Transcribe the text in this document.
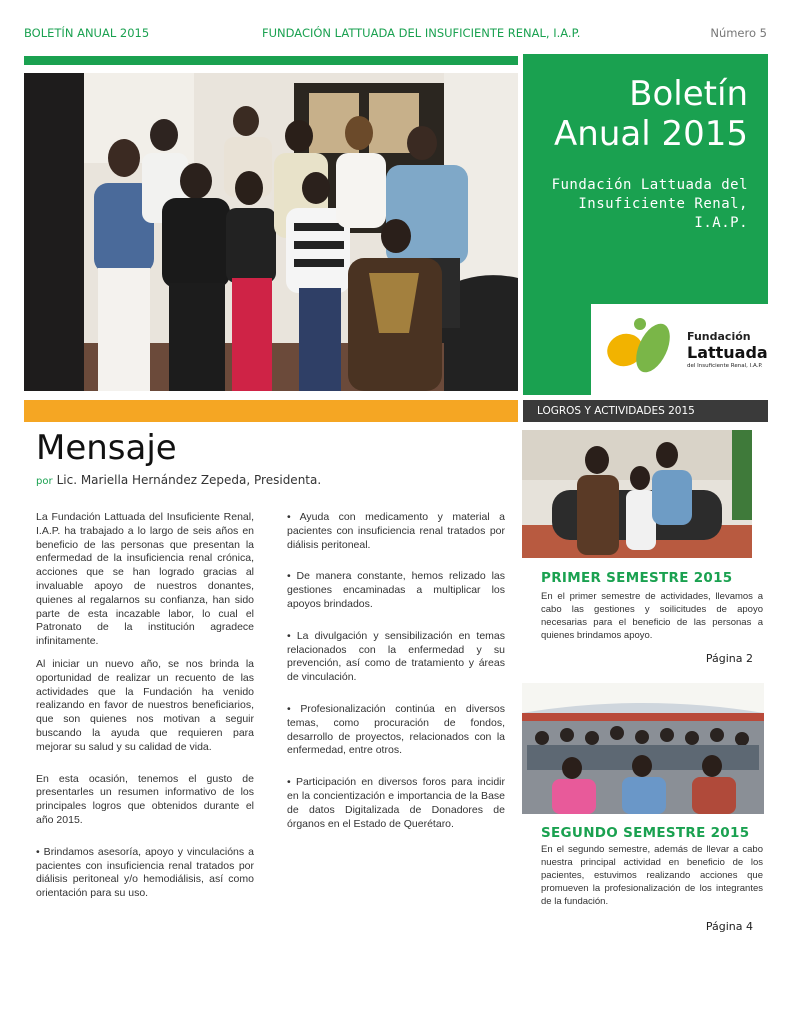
BOLETÍN ANUAL 2015	FUNDACIÓN LATTUADA DEL INSUFICIENTE RENAL, I.A.P.	Número 5
Boletín
Anual 2015
Fundación Lattuada del
Insuficiente Renal, I.A.P.
Fundación
Lattuada
del Insuficiente Renal, I.A.P.
LOGROS Y ACTIVIDADES 2015
Mensaje
por Lic. Mariella Hernández Zepeda, Presidenta.

La Fundación Lattuada del Insuficiente Renal, I.A.P. ha trabajado a lo largo de seis años en beneficio de las personas que presentan la enfermedad de la insuficiencia renal crónica, acciones que se han logrado gracias al invaluable apoyo de nuestros donantes, quienes al regalarnos su confianza, han sido parte de esta incazable labor, lo cual el Patronato de la institución agradece infinitamente.

Al iniciar un nuevo año, se nos brinda la oportunidad de realizar un recuento de las actividades que la Fundación ha venido realizando en favor de nuestros beneficiarios, que son quienes nos motivan a seguir buscando la ayuda que requieren para mejorar su salud y su calidad de vida.

En esta ocasión, tenemos el gusto de presentarles un resumen informativo de los principales logros que obtenidos durante el año 2015.

• Brindamos asesoría, apoyo y vinculacións a pacientes con insuficiencia renal tratados por diálisis peritoneal y/o hemodiálisis, así como orientación para su uso.

• Ayuda con medicamento y material a pacientes con insuficiencia renal tratados por diálisis peritoneal.

• De manera constante, hemos relizado las gestiones encaminadas a multiplicar los apoyos brindados.

• La divulgación y sensibilización en temas relacionados con la enfermedad y su prevención, así como de tratamiento y áreas de vinculación.

• Profesionalización continúa en diversos temas, como procuración de fondos, desarrollo de proyectos, relacionados con la enfermedad, entre otros.

• Participación en diversos foros para incidir en la concientización e importancia de la Base de datos Digitalizada de Donadores de órganos en el Estado de Querétaro.

PRIMER SEMESTRE 2015
En el primer semestre de actividades, llevamos a cabo las gestiones y soilicitudes de apoyo necesarias para el beneficio de las personas a quienes brindamos apoyo.
Página 2
SEGUNDO SEMESTRE 2015
En el segundo semestre, además de llevar a cabo nuestra principal actividad en beneficio de los pacientes, estuvimos realizando acciones que promueven la profesionalización de los integrantes de la fundación.
Página 4
